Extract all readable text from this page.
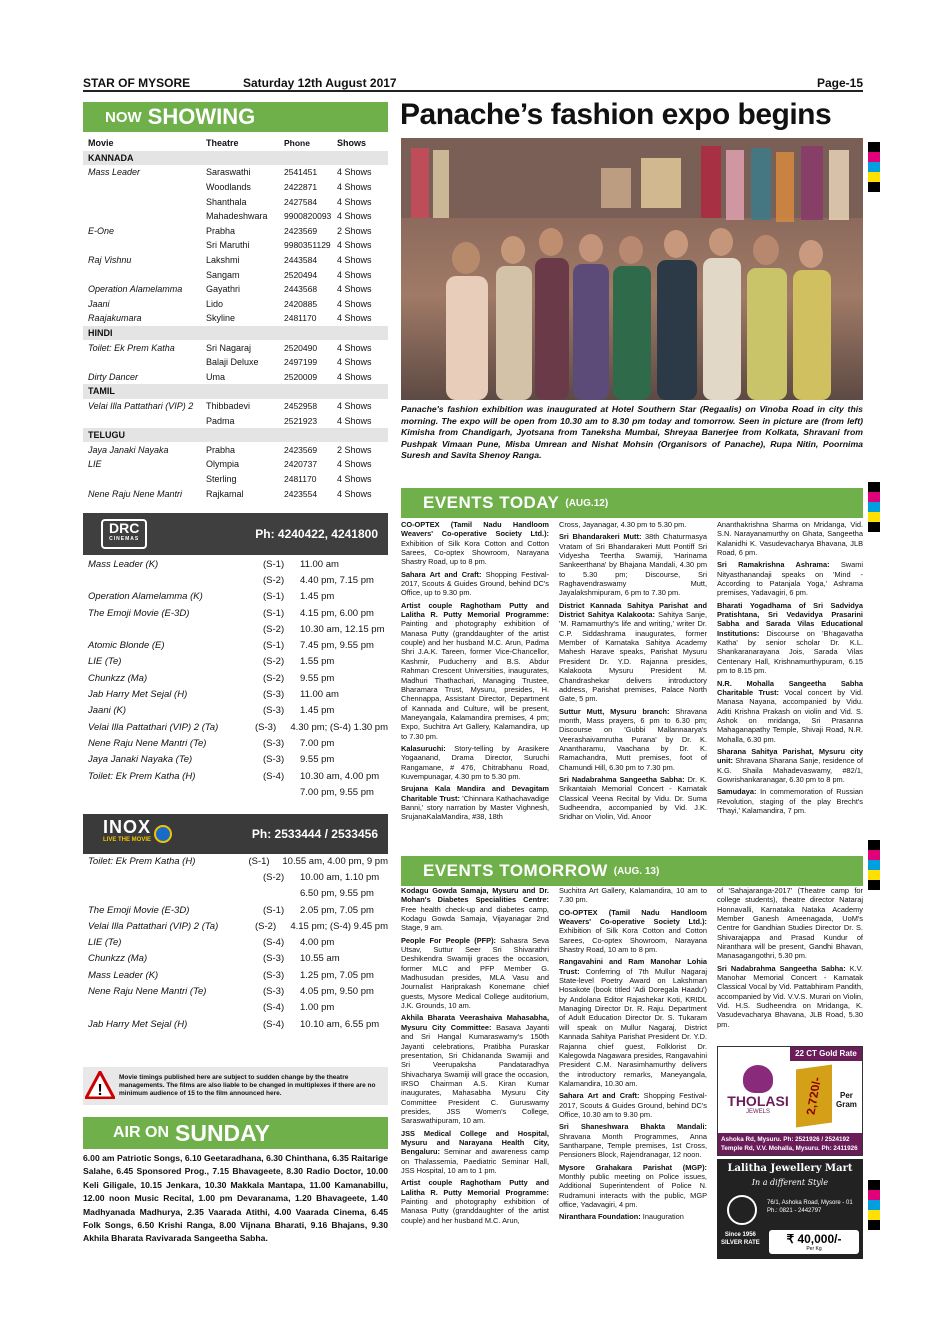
STAR OF MYSORE	Saturday 12th August 2017	Page-15
NOW SHOWING
Movie	Theatre	Phone	Shows
KANNADA
Mass Leader	Saraswathi	2541451	4 Shows
Woodlands	2422871	4 Shows
Shanthala	2427584	4 Shows
Mahadeshwara	9900820093 4 Shows
E-One	Prabha	2423569	2 Shows
Sri Maruthi	9980351129 4 Shows
Raj Vishnu	Lakshmi	2443584	4 Shows
Sangam	2520494	4 Shows
Operation Alamelamma	Gayathri	2443568	4 Shows
Jaani	Lido	2420885	4 Shows
Raajakumara	Skyline	2481170	4 Shows
HINDI
Toilet: Ek Prem Katha	Sri Nagaraj	2520490	4 Shows
Balaji Deluxe	2497199	4 Shows
Dirty Dancer	Uma	2520009	4 Shows
TAMIL
Velai Illa Pattathari (VIP) 2	Thibbadevi	2452958	4 Shows
Padma	2521923	4 Shows
TELUGU
Jaya Janaki Nayaka	Prabha	2423569	2 Shows
LIE	Olympia	2420737	4 Shows
Sterling	2481170	4 Shows
Nene Raju Nene Mantri	Rajkamal	2423554	4 Shows
DRC
CINEMAS	Ph: 4240422, 4241800
Mass Leader (K)	(S-1)	11.00 am
(S-2)	4.40 pm, 7.15 pm
Operation Alamelamma (K)	(S-1)	1.45 pm
The Emoji Movie (E-3D)	(S-1)	4.15 pm, 6.00 pm
(S-2)	10.30 am, 12.15 pm
Atomic Blonde (E)	(S-1)	7.45 pm, 9.55 pm
LIE (Te)	(S-2)	1.55 pm
Chunkzz (Ma)	(S-2)	9.55 pm
Jab Harry Met Sejal (H)	(S-3)	11.00 am
Jaani (K)	(S-3)	1.45 pm
Velai Illa Pattathari (VIP) 2 (Ta)	(S-3)	4.30 pm; (S-4) 1.30 pm
Nene Raju Nene Mantri (Te)	(S-3)	7.00 pm
Jaya Janaki Nayaka (Te)	(S-3)	9.55 pm
Toilet: Ek Prem Katha (H)	(S-4)	10.30 am, 4.00 pm
7.00 pm, 9.55 pm
INOX
LIVE THE MOVIE	Ph: 2533444 / 2533456
Toilet: Ek Prem Katha (H)	(S-1)	10.55 am, 4.00 pm, 9 pm
(S-2)	10.00 am, 1.10 pm
6.50 pm, 9.55 pm
The Emoji Movie (E-3D)	(S-1)	2.05 pm, 7.05 pm
Velai Illa Pattathari (VIP) 2 (Ta)	(S-2)	4.15 pm; (S-4) 9.45 pm
LIE (Te)	(S-4)	4.00 pm
Chunkzz (Ma)	(S-3)	10.55 am
Mass Leader (K)	(S-3)	1.25 pm, 7.05 pm
Nene Raju Nene Mantri (Te)	(S-3)	4.05 pm, 9.50 pm
(S-4)	1.00 pm
Jab Harry Met Sejal (H)	(S-4)	10.10 am, 6.55 pm
!
Movie timings published here are subject to sudden change by the theatre managements. The films are also liable to be changed in multiplexes if there are no minimum audience of 15 to the film announced here.
AIR ON SUNDAY
6.00 am Patriotic Songs, 6.10 Geetaradhana, 6.30 Chinthana, 6.35 Raitarige Salahe, 6.45 Sponsored Prog., 7.15 Bhavageete, 8.30 Radio Doctor, 10.00 Keli Giligale, 10.15 Jenkara, 10.30 Makkala Mantapa, 11.00 Kamanabillu, 12.00 noon Music Recital, 1.00 pm Devaranama, 1.20 Bhavageete, 1.40 Madhyanada Madhurya, 2.35 Vaarada Atithi, 4.00 Vaarada Cinema, 6.45 Folk Songs, 6.50 Krishi Ranga, 8.00 Vijnana Bharati, 9.16 Bhajans, 9.30 Akhila Bharata Ravivarada Sangeetha Sabha.
Panache’s fashion expo begins
Panache's fashion exhibition was inaugurated at Hotel Southern Star (Regaalis) on Vinoba Road in city this morning. The expo will be open from 10.30 am to 8.30 pm today and tomorrow. Seen in picture are (from left) Kimisha from Chandigarh, Jyotsana from Taneksha Mumbai, Shreyaa Banerjee from Kolkata, Shravani from Pushpak Vimaan Pune, Misba Umrean and Nishat Mohsin (Organisors of Panache), Rupa Nitin, Poornima Suresh and Savita Shenoy Ranga.
EVENTS TODAY (AUG.12)

CO-OPTEX (Tamil Nadu Handloom Weavers' Co-operative Society Ltd.): Exhibition of Silk Kora Cotton and Cotton Sarees, Co-optex Showroom, Narayana Shastry Road, up to 8 pm.

Sahara Art and Craft: Shopping Festival-2017, Scouts & Guides Ground, behind DC's Office, up to 9.30 pm.

Artist couple Raghotham Putty and Lalitha R. Putty Memorial Programme: Painting and photography exhibition of Manasa Putty (granddaughter of the artist couple) and her husband M.C. Arun, Padma Shri J.A.K. Tareen, former Vice-Chancellor, Kashmir, Puducherry and B.S. Abdur Rahman Crescent Universities, inaugurates, Madhuri Thathachari, Managing Trustee, Bharamara Trust, Mysuru, presides, H. Chennappa, Assistant Director, Department of Kannada and Culture, will be present, Maneyangala, Kalamandira premises, 4 pm; Expo, Suchitra Art Gallery, Kalamandira, up to 7.30 pm.

Kalasuruchi: Story-telling by Arasikere Yogaanand, Drama Director, Suruchi Rangamane, # 476, Chitrabhanu Road, Kuvempunagar, 4.30 pm to 5.30 pm.

Srujana Kala Mandira and Devagitam Charitable Trust: 'Chinnara Kathachavadige Banni,' story narration by Master Vighnesh, SrujanaKalaMandira, #38, 18th

Cross, Jayanagar, 4.30 pm to 5.30 pm.

Sri Bhandarakeri Mutt: 38th Chaturmasya Vratam of Sri Bhandarakeri Mutt Pontiff Sri Vidyesha Teertha Swamiji, 'Harinama Sankeerthana' by Bhajana Mandali, 4.30 pm to 5.30 pm; Discourse, Sri Raghavendraswamy Mutt, Jayalakshmipuram, 6 pm to 7.30 pm.

District Kannada Sahitya Parishat and District Sahitya Kalakoota: Sahitya Sanje, 'M. Ramamurthy's life and writing,' writer Dr. C.P. Siddashrama inaugurates, former Member of Karnataka Sahitya Academy Mahesh Harave speaks, Parishat Mysuru President Dr. Y.D. Rajanna presides, Kalakoota Mysuru President M. Chandrashekar delivers introductory address, Parishat premises, Palace North Gate, 5 pm.

Suttur Mutt, Mysuru branch: Shravana month, Mass prayers, 6 pm to 6.30 pm; Discourse on 'Gubbi Mallannaarya's Veerashaivamrutha Purana' by Dr. K. Anantharamu, Vaachana by Dr. K. Ramachandra, Mutt premises, foot of Chamundi Hill, 6.30 pm to 7.30 pm.

Sri Nadabrahma Sangeetha Sabha: Dr. K. Srikantaiah Memorial Concert - Karnatak Classical Veena Recital by Vidu. Dr. Suma Sudheendra, accompanied by Vid. J.K. Sridhar on Violin, Vid. Anoor

Ananthakrishna Sharma on Mridanga, Vid. S.N. Narayanamurthy on Ghata, Sangeetha Kalanidhi K. Vasudevacharya Bhavana, JLB Road, 6 pm.

Sri Ramakrishna Ashrama: Swami Nityasthanandaji speaks on 'Mind - According to Patanjala Yoga,' Ashrama premises, Yadavagiri, 6 pm.

Bharati Yogadhama of Sri Sadvidya Pratishtana, Sri Vedavidya Prasarini Sabha and Sarada Vilas Educational Institutions: Discourse on 'Bhagavatha Katha' by senior scholar Dr. K.L. Shankaranarayana Jois, Sarada Vilas Centenary Hall, Krishnamurthypuram, 6.15 pm to 8.15 pm.

N.R. Mohalla Sangeetha Sabha Charitable Trust: Vocal concert by Vid. Manasa Nayana, accompanied by Vidu. Aditi Krishna Prakash on violin and Vid. S. Ashok on mridanga, Sri Prasanna Mahaganapathy Temple, Shivaji Road, N.R. Mohalla, 6.30 pm.

Sharana Sahitya Parishat, Mysuru city unit: Shravana Sharana Sanje, residence of K.G. Shaila Mahadevaswamy, #82/1, Gowrishankaranagar, 6.30 pm to 8 pm.

Samudaya: In commemoration of Russian Revolution, staging of the play Brecht's 'Thayi,' Kalamandira, 7 pm.

EVENTS TOMORROW (AUG. 13)

Kodagu Gowda Samaja, Mysuru and Dr. Mohan's Diabetes Specialities Centre: Free health check-up and diabetes camp, Kodagu Gowda Samaja, Vijayanagar 2nd Stage, 9 am.

People For People (PFP): Sahasra Seva Utsav, Suttur Seer Sri Shivarathri Deshikendra Swamiji graces the occasion, former MLC and PFP Member G. Madhusudan presides, MLA Vasu and Journalist Hariprakash Konemane chief guests, Mysore Medical College auditorium, J.K. Grounds, 10 am.

Akhila Bharata Veerashaiva Mahasabha, Mysuru City Committee: Basava Jayanti and Sri Hangal Kumaraswamy's 150th Jayanti celebrations, Pratibha Puraskar presentation, Sri Chidananda Swamiji and Sri Veerupaksha Pandataradhya Shivacharya Swamiji will grace the occasion, IRSO Chairman A.S. Kiran Kumar inaugurates, Mahasabha Mysuru City Committee President C. Guruswamy presides, JSS Women's College, Saraswathipuram, 10 am.

JSS Medical College and Hospital, Mysuru and Narayana Health City, Bengaluru: Seminar and awareness camp on Thalassemia, Paediatric Seminar Hall, JSS Hospital, 10 am to 1 pm.

Artist couple Raghotham Putty and Lalitha R. Putty Memorial Programme: Painting and photography exhibition of Manasa Putty (granddaughter of the artist couple) and her husband M.C. Arun,

Suchitra Art Gallery, Kalamandira, 10 am to 7.30 pm.

CO-OPTEX (Tamil Nadu Handloom Weavers' Co-operative Society Ltd.): Exhibition of Silk Kora Cotton and Cotton Sarees, Co-optex Showroom, Narayana Shastry Road, 10 am to 8 pm.

Rangavahini and Ram Manohar Lohia Trust: Conferring of 7th Mullur Nagaraj State-level Poetry Award on Lakshman Hosakote (book titled 'Adi Doregala Haadu') by Andolana Editor Rajashekar Koti, KRIDL Managing Director Dr. R. Raju. Department of Adult Education Director Dr. S. Tukaram will speak on Mullur Nagaraj, District Kannada Sahitya Parishat President Dr. Y.D. Rajanna chief guest, Folklorist Dr. Kalegowda Nagawara presides, Rangavahini President C.M. Narasimhamurthy delivers the introductory remarks, Maneyangala, Kalamandira, 10.30 am.

Sahara Art and Craft: Shopping Festival-2017, Scouts & Guides Ground, behind DC's Office, 10.30 am to 9.30 pm.

Sri Shaneshwara Bhakta Mandali: Shravana Month Programmes, Anna Santharpane, Temple premises, 1st Cross, Pensioners Block, Rajendranagar, 12 noon.

Mysore Grahakara Parishat (MGP): Monthly public meeting on Police issues, Additional Superintendent of Police N. Rudramuni interacts with the public, MGP office, Yadavagiri, 4 pm.

Niranthara Foundation: Inauguration

of 'Sahajaranga-2017' (Theatre camp for college students), theatre director Nataraj Honnavalli, Karnataka Nataka Academy Member Ganesh Ameenagada, UoM's Centre for Gandhian Studies Director Dr. S. Shivarajappa and Prasad Kundur of Niranthara will be present, Gandhi Bhavan, Manasagangothri, 5.30 pm.

Sri Nadabrahma Sangeetha Sabha: K.V. Manohar Memorial Concert - Karnatak Classical Vocal by Vid. Pattabhiram Pandith, accompanied by Vid. V.V.S. Murari on Violin, Vid. H.S. Sudheendra on Mridanga, K. Vasudevacharya Bhavana, JLB Road, 5.30 pm.

22 CT Gold Rate
THOLASI
JEWELS	2,720/-	Per
Gram
Ashoka Rd, Mysuru. Ph: 2521926 / 2524192
Temple Rd, V.V. Mohalla, Mysuru. Ph: 2411926
Lalitha Jewellery Mart
In a different Style
76/1, Ashoka Road, Mysore - 01
Ph.: 0821 - 2442797
Since 1956
SILVER RATE ₹ 40,000/-
Per Kg
